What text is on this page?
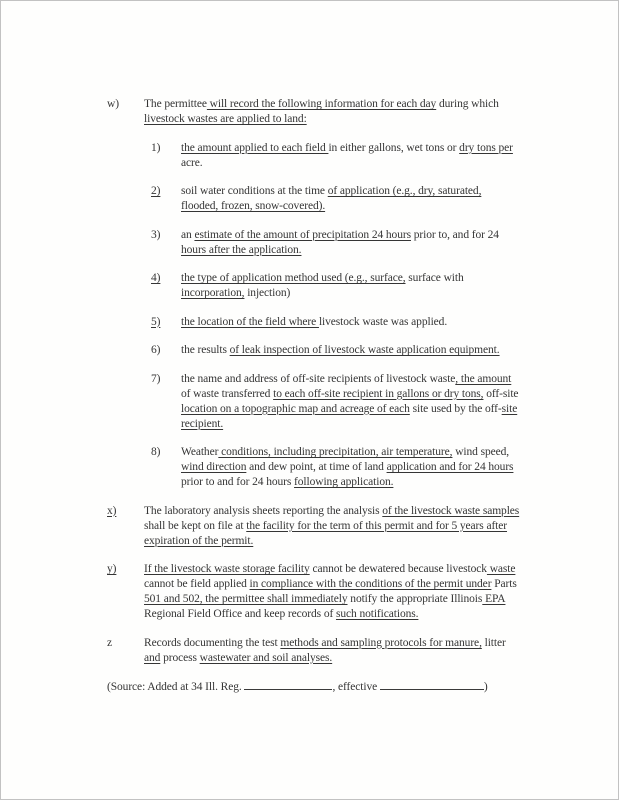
w)	The permittee will record the following information for each day during which
livestock wastes are applied to land:
1)	the amount applied to each field in either gallons, wet tons or dry tons per
acre.
2)	soil water conditions at the time of application (e.g., dry, saturated,
flooded, frozen, snow-covered).
3)	an estimate of the amount of precipitation 24 hours prior to, and for 24
hours after the application.
4)	the type of application method used (e.g., surface, surface with
incorporation, injection)
5)	the location of the field where livestock waste was applied.
6)	the results of leak inspection of livestock waste application equipment.
7)	the name and address of off-site recipients of livestock waste, the amount
of waste transferred to each off-site recipient in gallons or dry tons, off-site
location on a topographic map and acreage of each site used by the off-site
recipient.
8)	Weather conditions, including precipitation, air temperature, wind speed,
wind direction and dew point, at time of land application and for 24 hours
prior to and for 24 hours following application.
x)	The laboratory analysis sheets reporting the analysis of the livestock waste samples
shall be kept on file at the facility for the term of this permit and for 5 years after
expiration of the permit.
y)	If the livestock waste storage facility cannot be dewatered because livestock waste
cannot be field applied in compliance with the conditions of the permit under Parts
501 and 502, the permittee shall immediately notify the appropriate Illinois EPA
Regional Field Office and keep records of such notifications.
z	Records documenting the test methods and sampling protocols for manure, litter
and process wastewater and soil analyses.
(Source: Added at 34 Ill. Reg.	, effective	)
